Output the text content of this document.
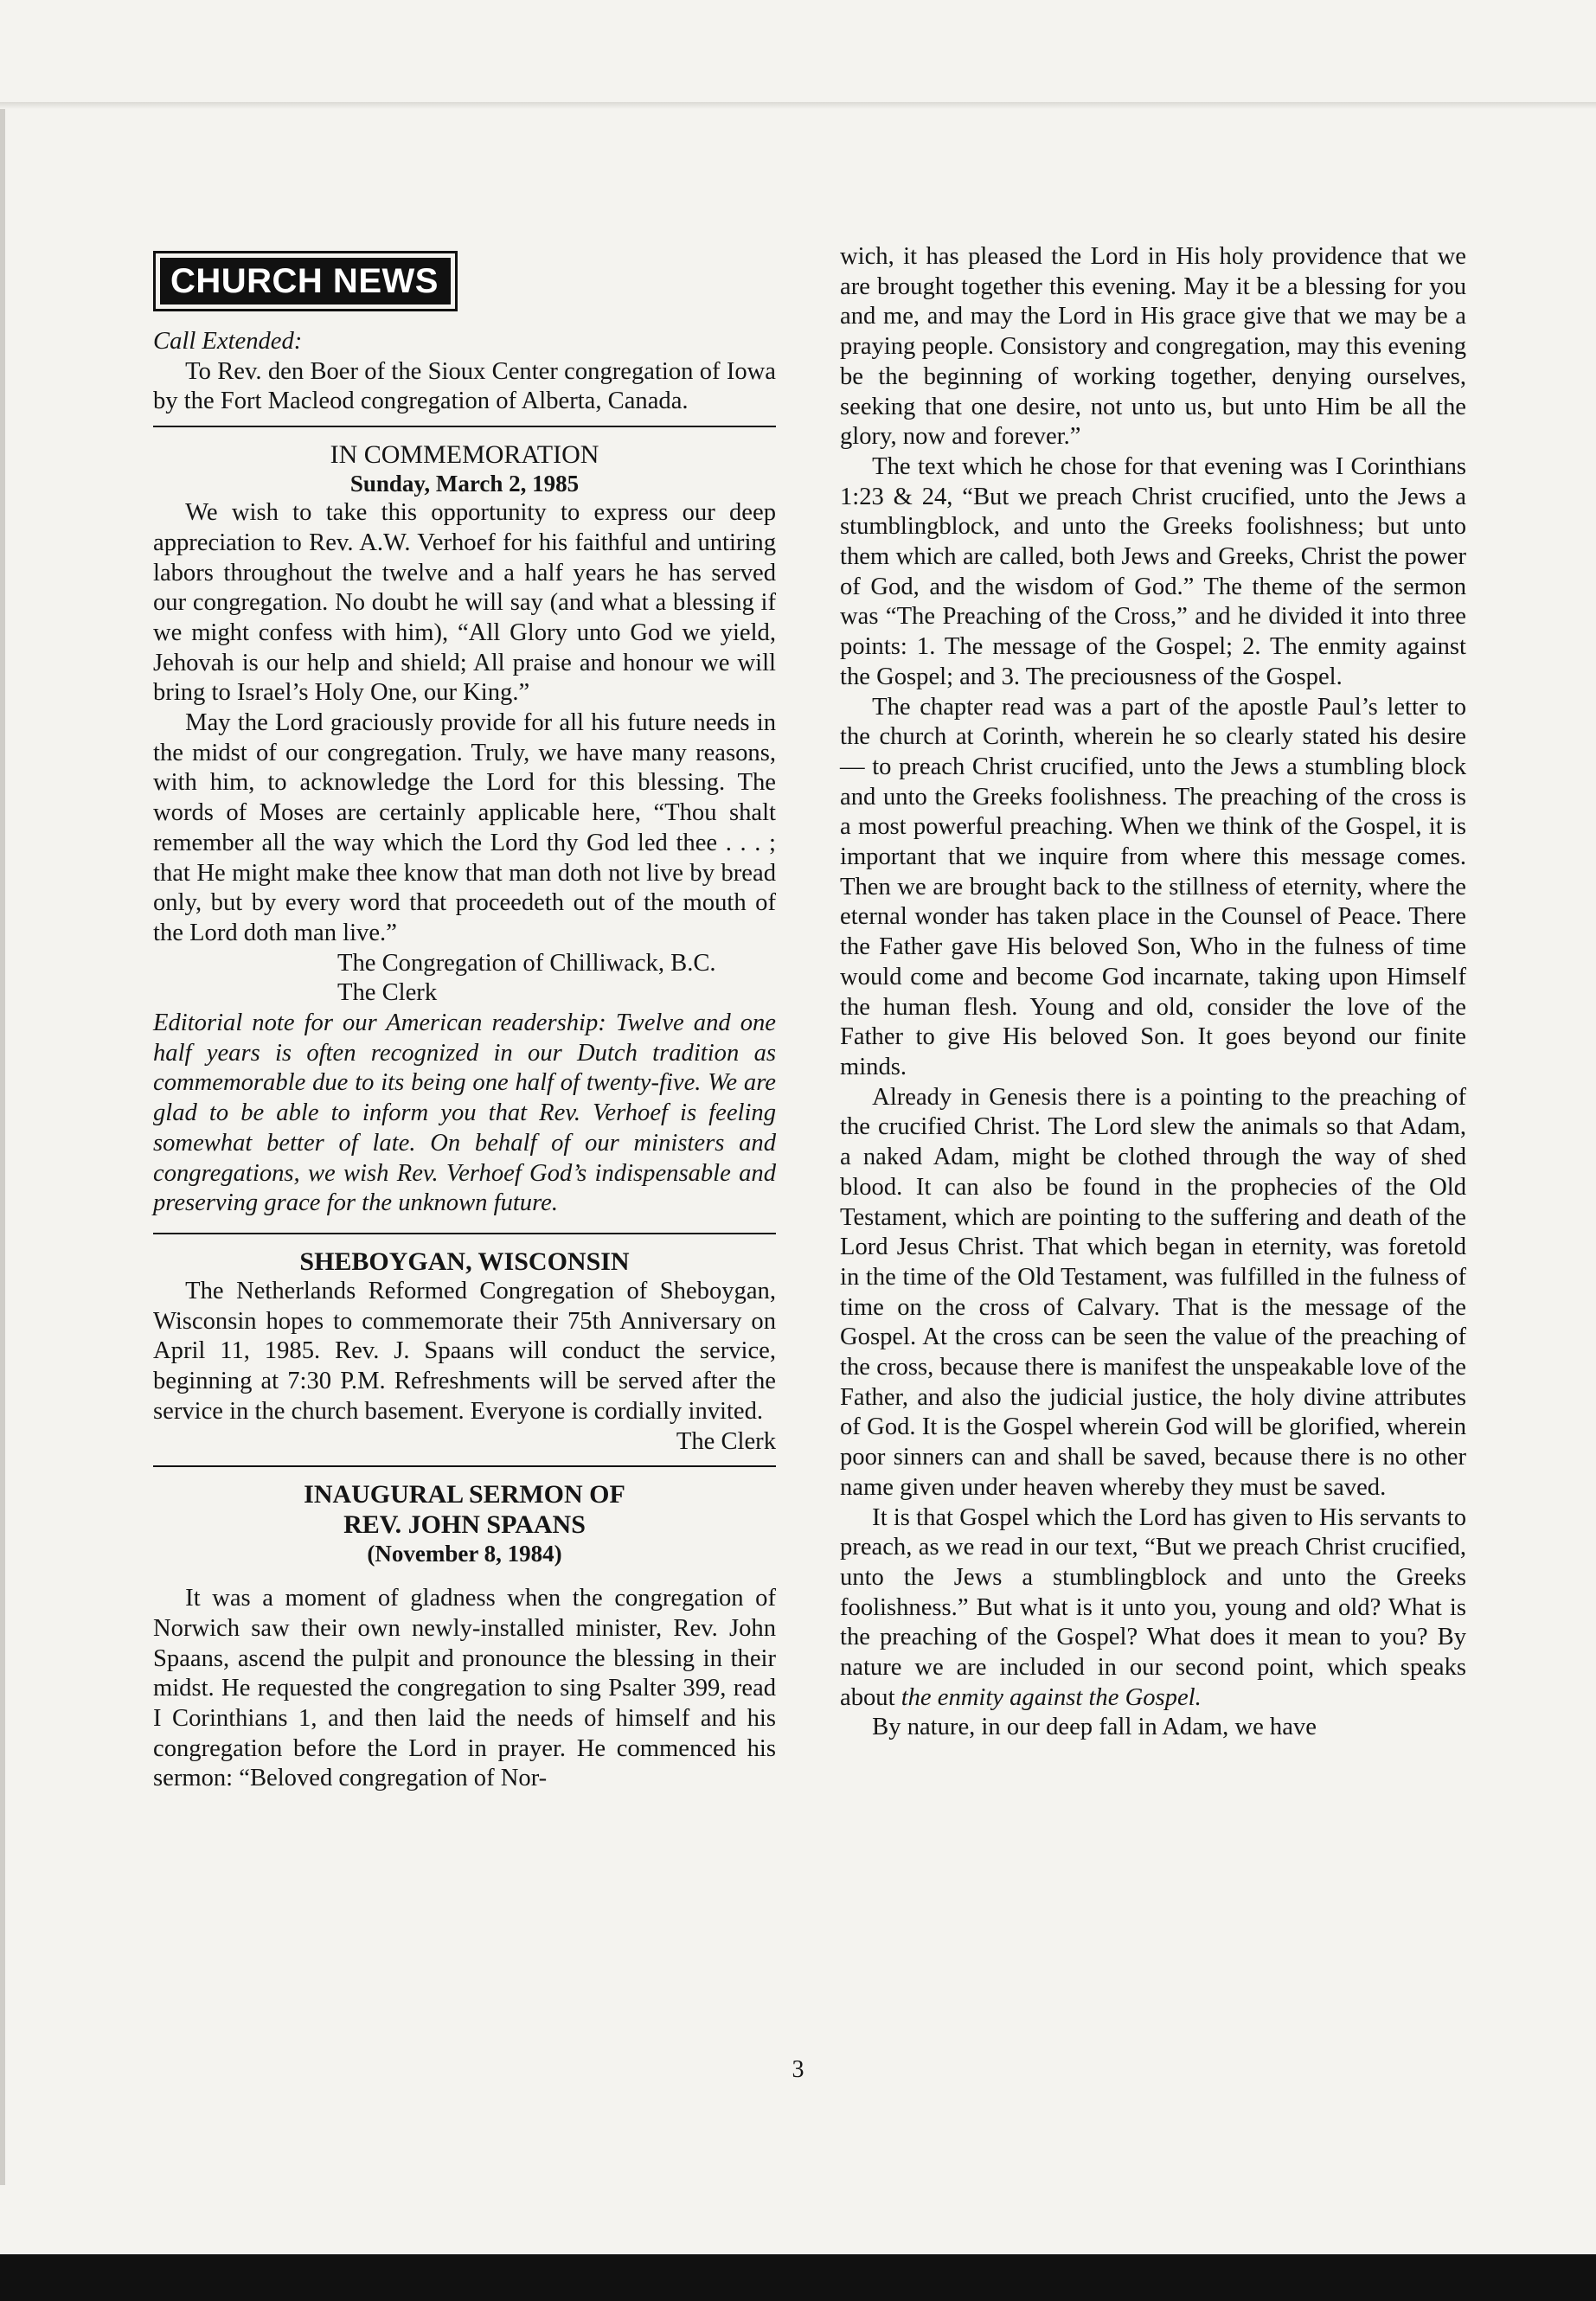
CHURCH NEWS

Call Extended:

To Rev. den Boer of the Sioux Center congregation of Iowa by the Fort Macleod congregation of Alberta, Canada.

IN COMMEMORATION

Sunday, March 2, 1985

We wish to take this opportunity to express our deep appreciation to Rev. A.W. Verhoef for his faithful and untiring labors throughout the twelve and a half years he has served our congregation. No doubt he will say (and what a blessing if we might confess with him), “All Glory unto God we yield, Jehovah is our help and shield; All praise and honour we will bring to Israel’s Holy One, our King.”

May the Lord graciously provide for all his future needs in the midst of our congregation. Truly, we have many reasons, with him, to acknowledge the Lord for this blessing. The words of Moses are certainly applicable here, “Thou shalt remember all the way which the Lord thy God led thee . . . ; that He might make thee know that man doth not live by bread only, but by every word that proceedeth out of the mouth of the Lord doth man live.”

The Congregation of Chilliwack, B.C.

The Clerk

Editorial note for our American readership: Twelve and one half years is often recognized in our Dutch tradition as commemorable due to its being one half of twenty-five. We are glad to be able to inform you that Rev. Verhoef is feeling somewhat better of late. On behalf of our ministers and congregations, we wish Rev. Verhoef God’s indispensable and preserving grace for the unknown future.

SHEBOYGAN, WISCONSIN

The Netherlands Reformed Congregation of Sheboygan, Wisconsin hopes to commemorate their 75th Anniversary on April 11, 1985. Rev. J. Spaans will conduct the service, beginning at 7:30 P.M. Refreshments will be served after the service in the church basement. Everyone is cordially invited.

The Clerk

INAUGURAL SERMON OF

REV. JOHN SPAANS

(November 8, 1984)

It was a moment of gladness when the congregation of Norwich saw their own newly-installed minister, Rev. John Spaans, ascend the pulpit and pronounce the blessing in their midst. He requested the congregation to sing Psalter 399, read I Corinthians 1, and then laid the needs of himself and his congregation before the Lord in prayer. He commenced his sermon: “Beloved congregation of Nor-

wich, it has pleased the Lord in His holy providence that we are brought together this evening. May it be a blessing for you and me, and may the Lord in His grace give that we may be a praying people. Consistory and congregation, may this evening be the beginning of working together, denying ourselves, seeking that one desire, not unto us, but unto Him be all the glory, now and forever.”

The text which he chose for that evening was I Corinthians 1:23 & 24, “But we preach Christ crucified, unto the Jews a stumblingblock, and unto the Greeks foolishness; but unto them which are called, both Jews and Greeks, Christ the power of God, and the wisdom of God.” The theme of the sermon was “The Preaching of the Cross,” and he divided it into three points: 1. The message of the Gospel; 2. The enmity against the Gospel; and 3. The preciousness of the Gospel.

The chapter read was a part of the apostle Paul’s letter to the church at Corinth, wherein he so clearly stated his desire — to preach Christ crucified, unto the Jews a stumbling block and unto the Greeks foolishness. The preaching of the cross is a most powerful preaching. When we think of the Gospel, it is important that we inquire from where this message comes. Then we are brought back to the stillness of eternity, where the eternal wonder has taken place in the Counsel of Peace. There the Father gave His beloved Son, Who in the fulness of time would come and become God incarnate, taking upon Himself the human flesh. Young and old, consider the love of the Father to give His beloved Son. It goes beyond our finite minds.

Already in Genesis there is a pointing to the preaching of the crucified Christ. The Lord slew the animals so that Adam, a naked Adam, might be clothed through the way of shed blood. It can also be found in the prophecies of the Old Testament, which are pointing to the suffering and death of the Lord Jesus Christ. That which began in eternity, was foretold in the time of the Old Testament, was fulfilled in the fulness of time on the cross of Calvary. That is the message of the Gospel. At the cross can be seen the value of the preaching of the cross, because there is manifest the unspeakable love of the Father, and also the judicial justice, the holy divine attributes of God. It is the Gospel wherein God will be glorified, wherein poor sinners can and shall be saved, because there is no other name given under heaven whereby they must be saved.

It is that Gospel which the Lord has given to His servants to preach, as we read in our text, “But we preach Christ crucified, unto the Jews a stumblingblock and unto the Greeks foolishness.” But what is it unto you, young and old? What is the preaching of the Gospel? What does it mean to you? By nature we are included in our second point, which speaks about the enmity against the Gospel.

By nature, in our deep fall in Adam, we have

3
